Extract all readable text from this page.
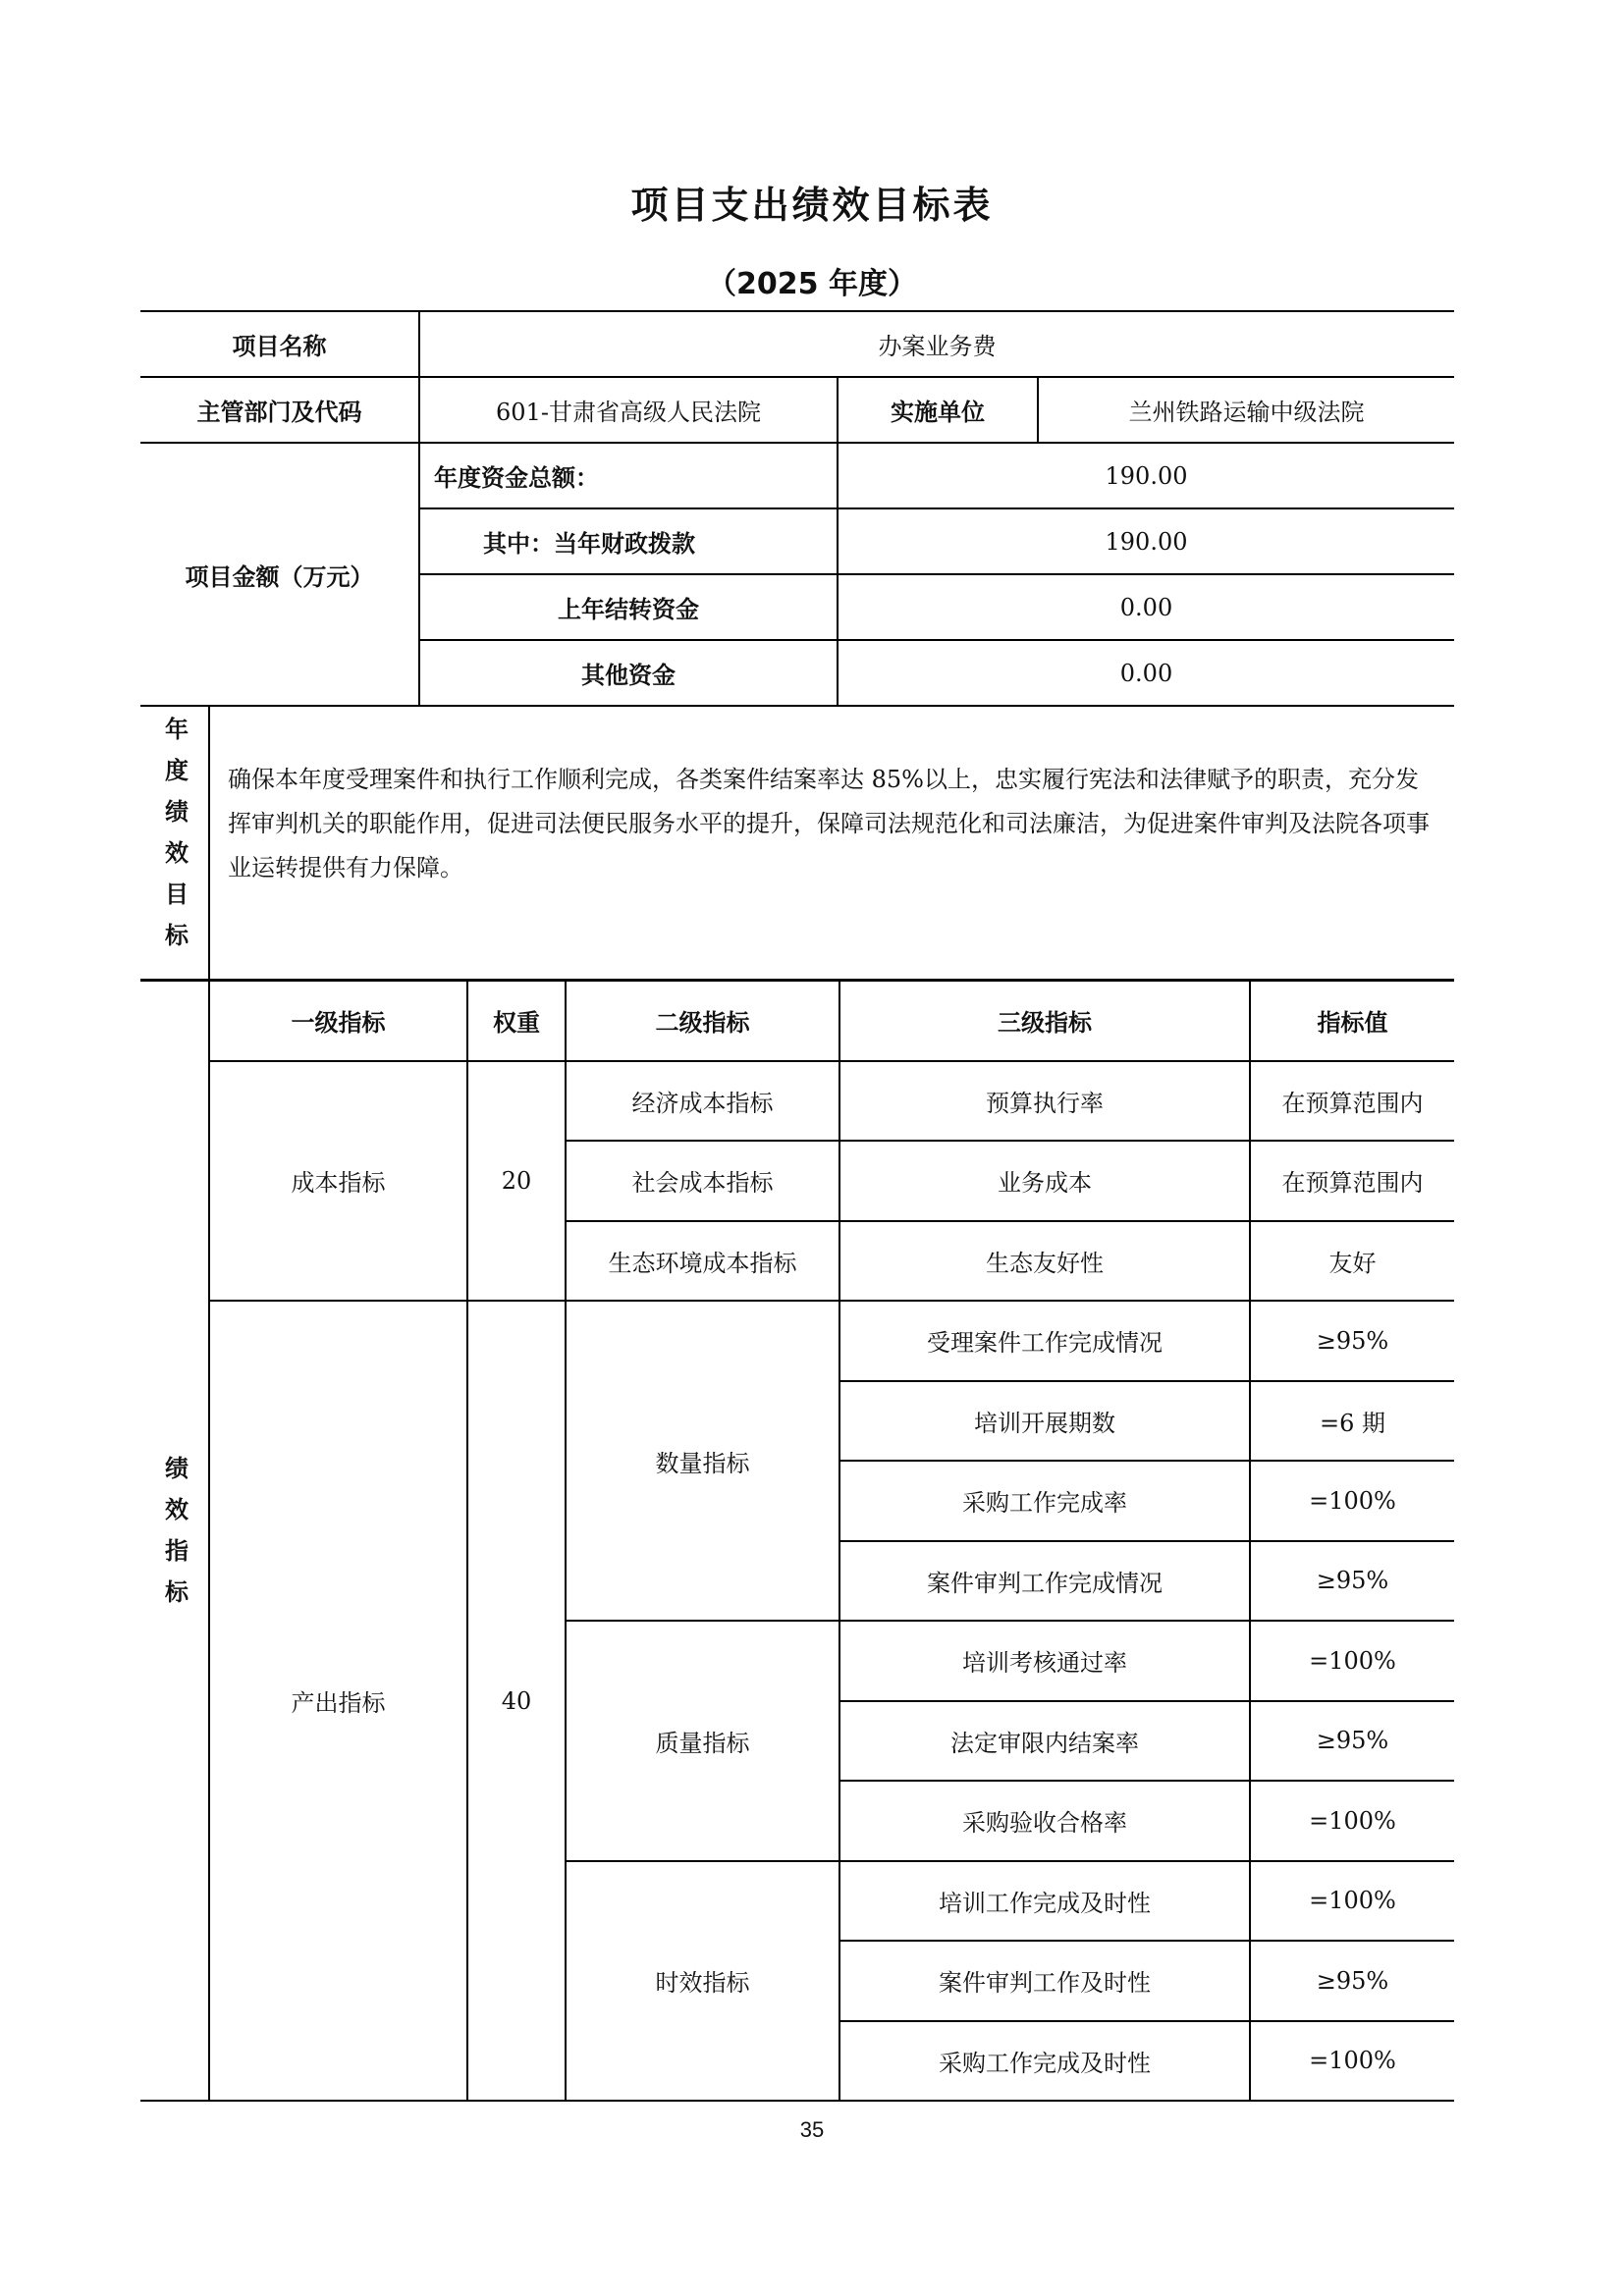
项目支出绩效目标表
（2025 年度）
项目名称		办案业务费		
主管部门及代码		601-甘肃省高级人民法院	实施单位	兰州铁路运输中级法院
项目金额（万元）		年度资金总额：	190.00	
		其中：当年财政拨款	190.00	
		上年结转资金	0.00	
		其他资金	0.00	
年度绩效目标	确保本年度受理案件和执行工作顺利完成，各类案件结案率达 85%以上，忠实履行宪法和法律赋予的职责，充分发挥审判机关的职能作用，促进司法便民服务水平的提升，保障司法规范化和司法廉洁，为促进案件审判及法院各项事业运转提供有力保障。			
绩效指标	一级指标	权重	二级指标	三级指标	指标值
	成本指标	20	经济成本指标	预算执行率	在预算范围内
			社会成本指标	业务成本	在预算范围内
			生态环境成本指标	生态友好性	友好
	产出指标	40	数量指标	受理案件工作完成情况	≥95%
				培训开展期数	=6 期
				采购工作完成率	=100%
				案件审判工作完成情况	≥95%
			质量指标	培训考核通过率	=100%
				法定审限内结案率	≥95%
				采购验收合格率	=100%
			时效指标	培训工作完成及时性	=100%
				案件审判工作及时性	≥95%
				采购工作完成及时性	=100%
35
